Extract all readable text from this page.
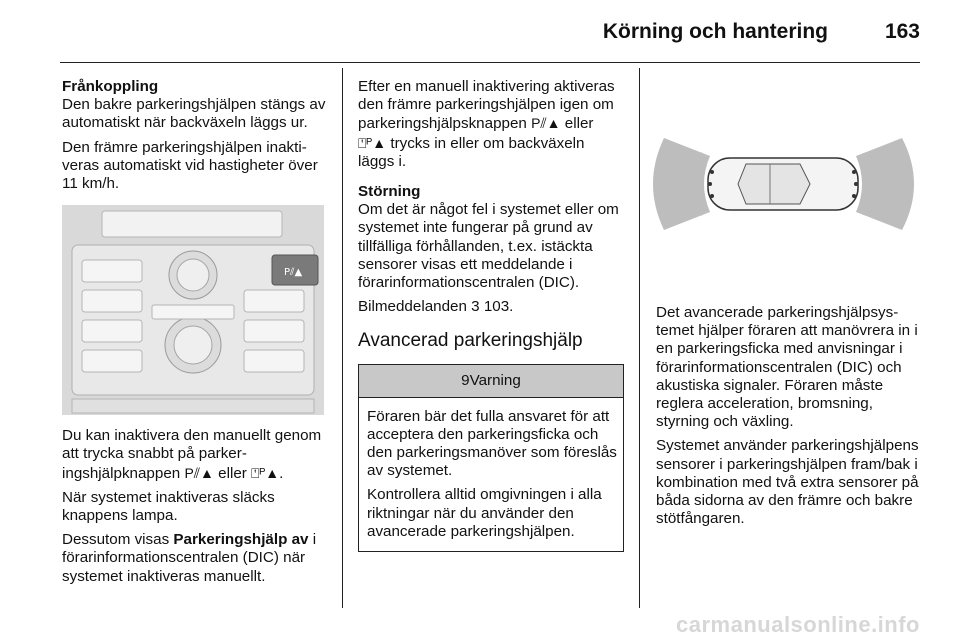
Körning och hantering	163
Frånkoppling

Den bakre parkeringshjälpen stängs av automatiskt när backväxeln läggs ur.

Den främre parkeringshjälpen inaktiveras automatiskt vid hastigheter över 11 km/h.

P⫽▲

Du kan inaktivera den manuellt genom att trycka snabbt på parkeringshjälpknappen P⫽▲ eller ⍞ᴾ▲.

När systemet inaktiveras släcks knappens lampa.

Dessutom visas Parkeringshjälp av i förarinformationscentralen (DIC) när systemet inaktiveras manuellt.

Efter en manuell inaktivering aktiveras den främre parkeringshjälpen igen om parkeringshjälpsknappen P⫽▲ eller ⍞ᴾ▲ trycks in eller om backväxeln läggs i.

Störning

Om det är något fel i systemet eller om systemet inte fungerar på grund av tillfälliga förhållanden, t.ex. istäckta sensorer visas ett meddelande i förarinformationscentralen (DIC).

Bilmeddelanden 3 103.

Avancerad parkeringshjälp
9Varning

Föraren bär det fulla ansvaret för att acceptera den parkeringsficka och den parkeringsmanöver som föreslås av systemet.

Kontrollera alltid omgivningen i alla riktningar när du använder den avancerade parkeringshjälpen.

Det avancerade parkeringshjälpsystemet hjälper föraren att manövrera in i en parkeringsficka med anvisningar i förarinformationscentralen (DIC) och akustiska signaler. Föraren måste reglera acceleration, bromsning, styrning och växling.

Systemet använder parkeringshjälpens sensorer i parkeringshjälpen fram/bak i kombination med två extra sensorer på båda sidorna av den främre och bakre stötfångaren.

carmanualsonline.info
